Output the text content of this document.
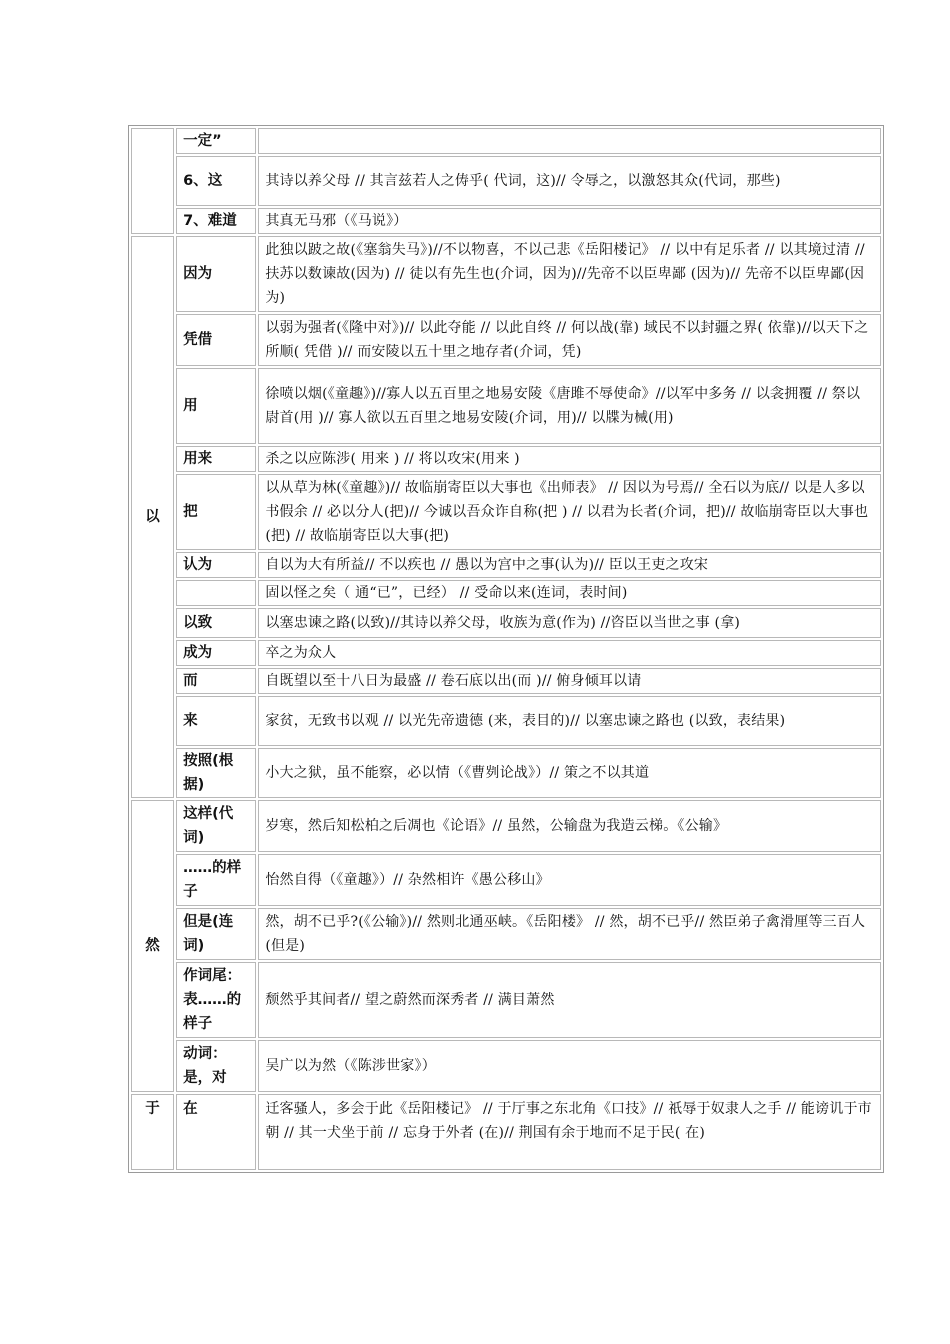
	一定”	
	6、这	其诗以养父母 // 其言兹若人之俦乎( 代词，这)// 令辱之，以激怒其众(代词，那些)
	7、难道	其真无马邪（《马说》）
以	因为	此独以跛之故(《塞翁失马》)//不以物喜，不以己悲《岳阳楼记》 // 以中有足乐者 // 以其境过清 // 扶苏以数谏故(因为) // 徒以有先生也(介词，因为)//先帝不以臣卑鄙 (因为)// 先帝不以臣卑鄙(因为)
	凭借	以弱为强者(《隆中对》)// 以此夺能 // 以此自终 // 何以战(靠) 域民不以封疆之界( 依靠)//以天下之所顺( 凭借 )// 而安陵以五十里之地存者(介词，凭)
	用	徐喷以烟(《童趣》)//寡人以五百里之地易安陵《唐雎不辱使命》//以军中多务 // 以衾拥覆 // 祭以尉首(用 )// 寡人欲以五百里之地易安陵(介词，用)// 以牒为械(用)
	用来	杀之以应陈涉( 用来 ) // 将以攻宋(用来 )
	把	以从草为林(《童趣》)// 故临崩寄臣以大事也《出师表》 // 因以为号焉// 全石以为底// 以是人多以书假余 // 必以分人(把)// 今诚以吾众诈自称(把 ) // 以君为长者(介词，把)// 故临崩寄臣以大事也 (把) // 故临崩寄臣以大事(把)
	认为	自以为大有所益// 不以疾也 // 愚以为宫中之事(认为)// 臣以王吏之攻宋
		固以怪之矣（ 通“已”，已经） // 受命以来(连词，表时间)
	以致	以塞忠谏之路(以致)//其诗以养父母，收族为意(作为) //咨臣以当世之事 (拿)
	成为	卒之为众人
	而	自既望以至十八日为最盛 // 卷石底以出(而 )// 俯身倾耳以请
	来	家贫，无致书以观 // 以光先帝遗德 (来，表目的)// 以塞忠谏之路也 (以致，表结果)
	按照(根据)	小大之狱，虽不能察，必以情（《曹刿论战》）// 策之不以其道
然	这样(代词)	岁寒，然后知松柏之后凋也《论语》// 虽然，公输盘为我造云梯。《公输》
	……的样子	怡然自得（《童趣》）// 杂然相许《愚公移山》
	但是(连词)	然，胡不已乎?(《公输》)// 然则北通巫峡。《岳阳楼》 // 然，胡不已乎// 然臣弟子禽滑厘等三百人(但是)
	作词尾：表……的样子	颓然乎其间者// 望之蔚然而深秀者 // 满目萧然
	动词：是，对	吴广以为然（《陈涉世家》）
于	在	迁客骚人，多会于此《岳阳楼记》 // 于厅事之东北角《口技》// 祇辱于奴隶人之手 // 能谤讥于市朝 // 其一犬坐于前 // 忘身于外者 (在)// 荆国有余于地而不足于民( 在)
